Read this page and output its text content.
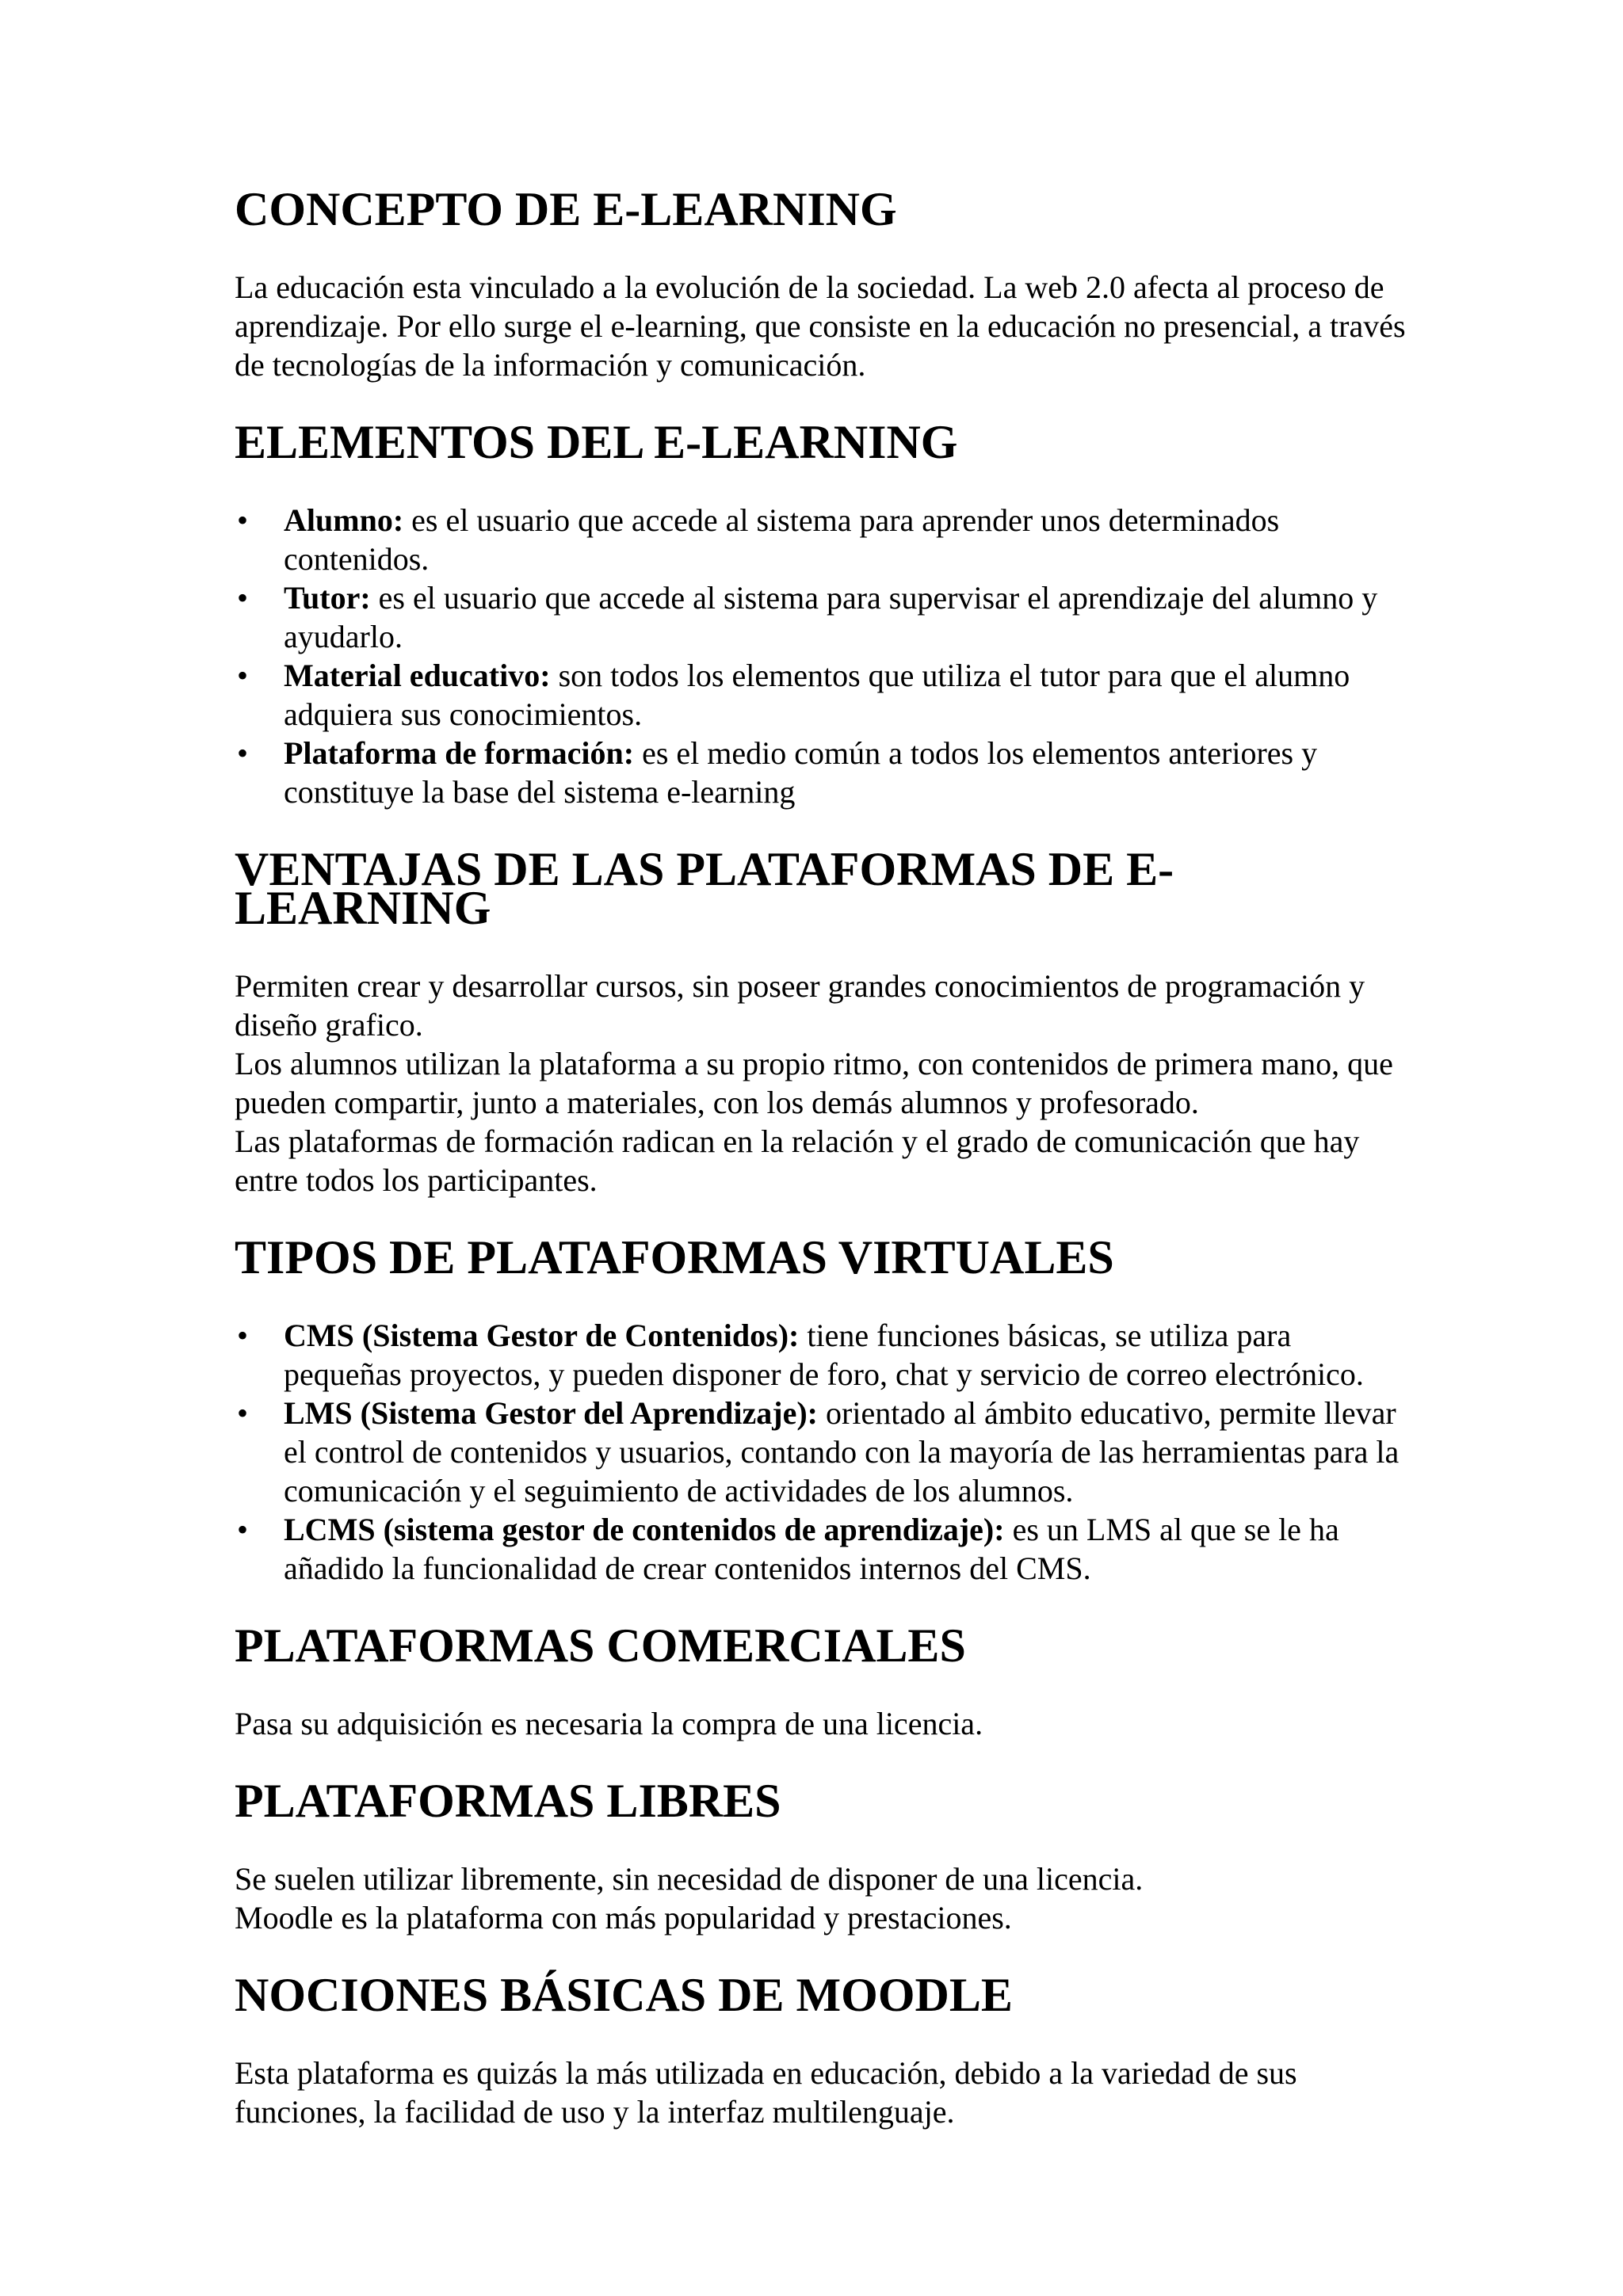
CONCEPTO DE E-LEARNING

La educación esta vinculado a la evolución de la sociedad. La web 2.0 afecta al proceso de aprendizaje. Por ello surge el e-learning, que consiste en la educación no presencial, a través de tecnologías de la información y comunicación.

ELEMENTOS DEL E-LEARNING
• Alumno: es el usuario que accede al sistema para aprender unos determinados contenidos.
• Tutor: es el usuario que accede al sistema para supervisar el aprendizaje del alumno y ayudarlo.
• Material educativo: son todos los elementos que utiliza el tutor para que el alumno adquiera sus conocimientos.
• Plataforma de formación: es el medio común a todos los elementos anteriores y constituye la base del sistema e-learning
VENTAJAS DE LAS PLATAFORMAS DE E-LEARNING

Permiten crear y desarrollar cursos, sin poseer grandes conocimientos de programación y diseño grafico.

Los alumnos utilizan la plataforma a su propio ritmo, con contenidos de primera mano, que pueden compartir, junto a materiales, con los demás alumnos y profesorado.

Las plataformas de formación radican en la relación y el grado de comunicación que hay entre todos los participantes.

TIPOS DE PLATAFORMAS VIRTUALES
• CMS (Sistema Gestor de Contenidos): tiene funciones básicas, se utiliza para pequeñas proyectos, y pueden disponer de foro, chat y servicio de correo electrónico.
• LMS (Sistema Gestor del Aprendizaje): orientado al ámbito educativo, permite llevar el control de contenidos y usuarios, contando con la mayoría de las herramientas para la comunicación y el seguimiento de actividades de los alumnos.
• LCMS (sistema gestor de contenidos de aprendizaje): es un LMS al que se le ha añadido la funcionalidad de crear contenidos internos del CMS.
PLATAFORMAS COMERCIALES

Pasa su adquisición es necesaria la compra de una licencia.

PLATAFORMAS LIBRES

Se suelen utilizar libremente, sin necesidad de disponer de una licencia.

Moodle es la plataforma con más popularidad y prestaciones.

NOCIONES BÁSICAS DE MOODLE

Esta plataforma es quizás la más utilizada en educación, debido a la variedad de sus funciones, la facilidad de uso y la interfaz multilenguaje.
